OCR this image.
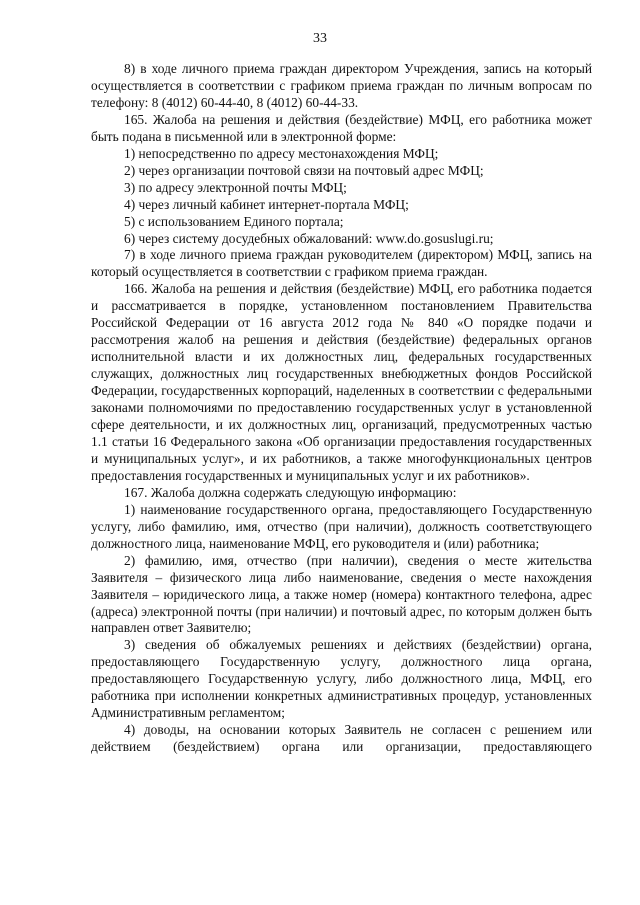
33

8) в ходе личного приема граждан директором Учреждения, запись на который осуществляется в соответствии с графиком приема граждан по личным вопросам по телефону: 8 (4012) 60-44-40, 8 (4012) 60-44-33.

165. Жалоба на решения и действия (бездействие) МФЦ, его работника может быть подана в письменной или в электронной форме:

1) непосредственно по адресу местонахождения МФЦ;

2) через организации почтовой связи на почтовый адрес МФЦ;

3) по адресу электронной почты МФЦ;

4) через личный кабинет интернет-портала МФЦ;

5) с использованием Единого портала;

6) через систему досудебных обжалований: www.do.gosuslugi.ru;

7) в ходе личного приема граждан руководителем (директором) МФЦ, запись на который осуществляется в соответствии с графиком приема граждан.

166. Жалоба на решения и действия (бездействие) МФЦ, его работника подается и рассматривается в порядке, установленном постановлением Правительства Российской Федерации от 16 августа 2012 года № 840 «О порядке подачи и рассмотрения жалоб на решения и действия (бездействие) федеральных органов исполнительной власти и их должностных лиц, федеральных государственных служащих, должностных лиц государственных внебюджетных фондов Российской Федерации, государственных корпораций, наделенных в соответствии с федеральными законами полномочиями по предоставлению государственных услуг в установленной сфере деятельности, и их должностных лиц, организаций, предусмотренных частью 1.1 статьи 16 Федерального закона «Об организации предоставления государственных и муниципальных услуг», и их работников, а также многофункциональных центров предоставления государственных и муниципальных услуг и их работников».

167. Жалоба должна содержать следующую информацию:

1) наименование государственного органа, предоставляющего Государственную услугу, либо фамилию, имя, отчество (при наличии), должность соответствующего должностного лица, наименование МФЦ, его руководителя и (или) работника;

2) фамилию, имя, отчество (при наличии), сведения о месте жительства Заявителя – физического лица либо наименование, сведения о месте нахождения Заявителя – юридического лица, а также номер (номера) контактного телефона, адрес (адреса) электронной почты (при наличии) и почтовый адрес, по которым должен быть направлен ответ Заявителю;

3) сведения об обжалуемых решениях и действиях (бездействии) органа, предоставляющего Государственную услугу, должностного лица органа, предоставляющего Государственную услугу, либо должностного лица, МФЦ, его работника при исполнении конкретных административных процедур, установленных Административным регламентом;

4) доводы, на основании которых Заявитель не согласен с решением или действием (бездействием) органа или организации, предоставляющего
